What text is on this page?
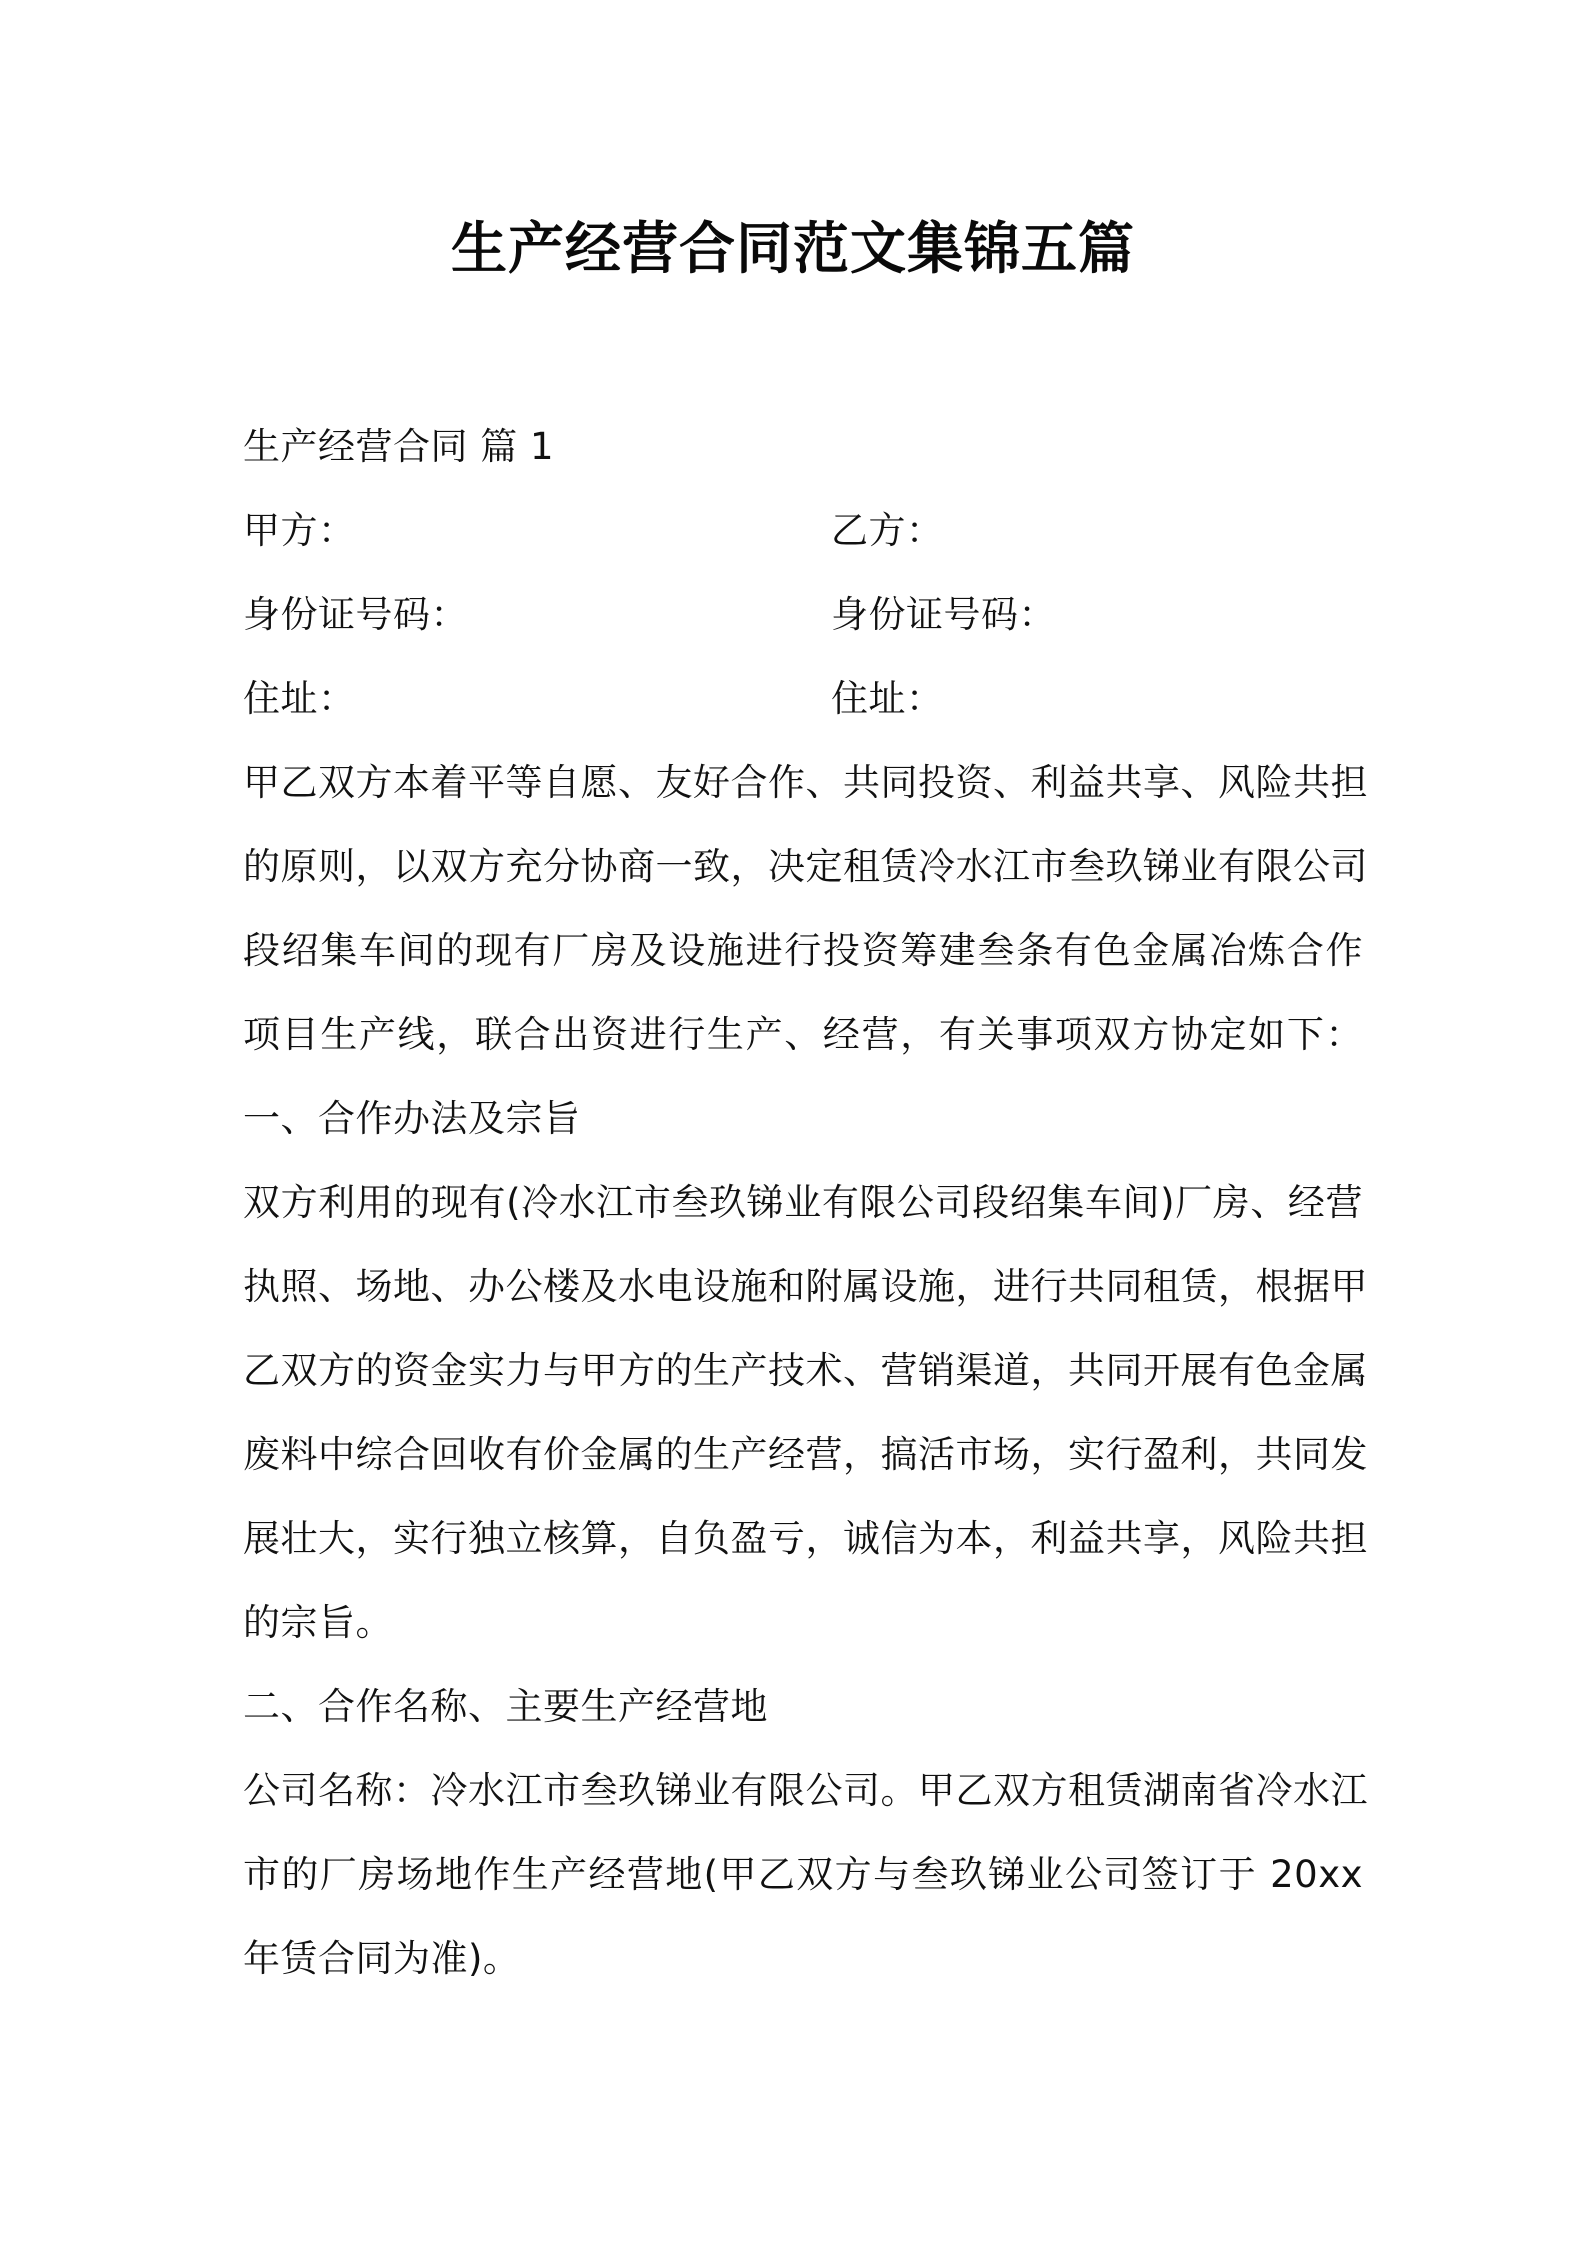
生产经营合同范文集锦五篇
生产经营合同 篇 1
甲方：	乙方：
身份证号码：	身份证号码：
住址：	住址：
甲乙双方本着平等自愿、友好合作、共同投资、利益共享、风险共担
的原则，以双方充分协商一致，决定租赁冷水江市叁玖锑业有限公司
段绍集车间的现有厂房及设施进行投资筹建叁条有色金属冶炼合作
项目生产线，联合出资进行生产、经营，有关事项双方协定如下：
一、合作办法及宗旨
双方利用的现有(冷水江市叁玖锑业有限公司段绍集车间)厂房、经营
执照、场地、办公楼及水电设施和附属设施，进行共同租赁，根据甲
乙双方的资金实力与甲方的生产技术、营销渠道，共同开展有色金属
废料中综合回收有价金属的生产经营，搞活市场，实行盈利，共同发
展壮大，实行独立核算，自负盈亏，诚信为本，利益共享，风险共担
的宗旨。
二、合作名称、主要生产经营地
公司名称：冷水江市叁玖锑业有限公司。甲乙双方租赁湖南省冷水江
市的厂房场地作生产经营地(甲乙双方与叁玖锑业公司签订于 20xx
年赁合同为准)。
